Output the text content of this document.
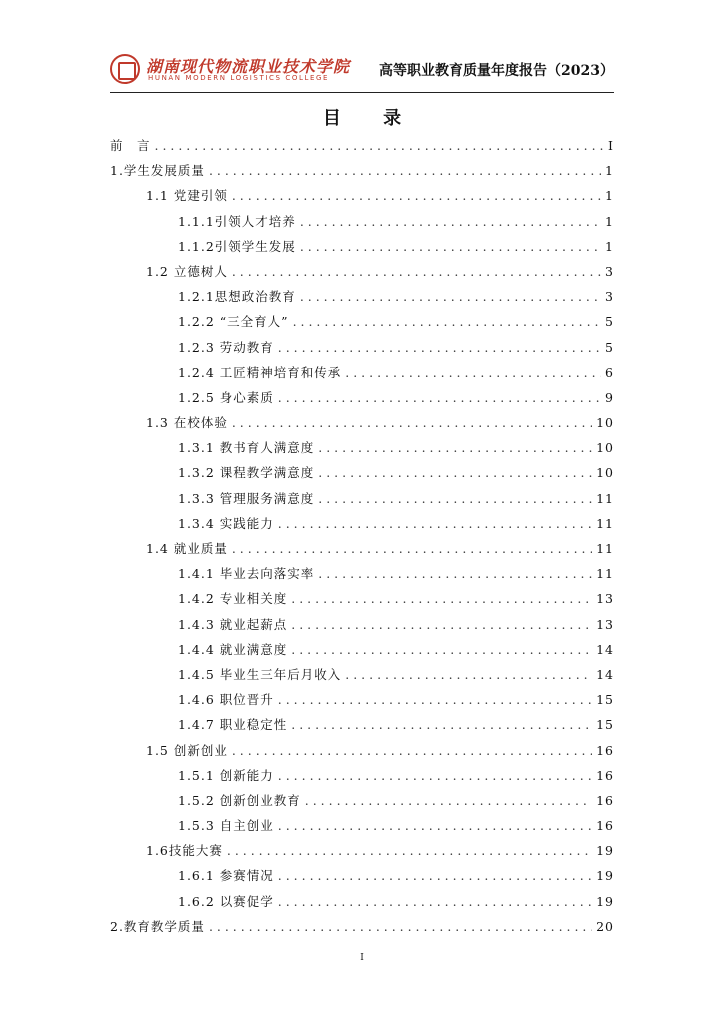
湖南现代物流职业技术学院
HUNAN MODERN LOGISTICS COLLEGE	高等职业教育质量年度报告（2023）
目 录
前　言 . . .	I
1.学生发展质量 . . .	1
1.1 党建引领 . . .	1
1.1.1引领人才培养 . . .	1
1.1.2引领学生发展 . . .	1
1.2 立德树人 . . .	3
1.2.1思想政治教育 . . .	3
1.2.2 “三全育人” . . .	5
1.2.3 劳动教育 . . .	5
1.2.4 工匠精神培育和传承 . . .	6
1.2.5 身心素质 . . .	9
1.3 在校体验 . . .	10
1.3.1 教书育人满意度 . . .	10
1.3.2 课程教学满意度 . . .	10
1.3.3 管理服务满意度 . . .	11
1.3.4 实践能力 . . .	11
1.4 就业质量 . . .	11
1.4.1 毕业去向落实率 . . .	11
1.4.2 专业相关度 . . .	13
1.4.3 就业起薪点 . . .	13
1.4.4 就业满意度 . . .	14
1.4.5 毕业生三年后月收入 . . .	14
1.4.6 职位晋升 . . .	15
1.4.7 职业稳定性 . . .	15
1.5 创新创业 . . .	16
1.5.1 创新能力 . . .	16
1.5.2 创新创业教育 . . .	16
1.5.3 自主创业 . . .	16
1.6技能大赛 . . .	19
1.6.1 参赛情况 . . .	19
1.6.2 以赛促学 . . .	19
2.教育教学质量 . . .	20
I
